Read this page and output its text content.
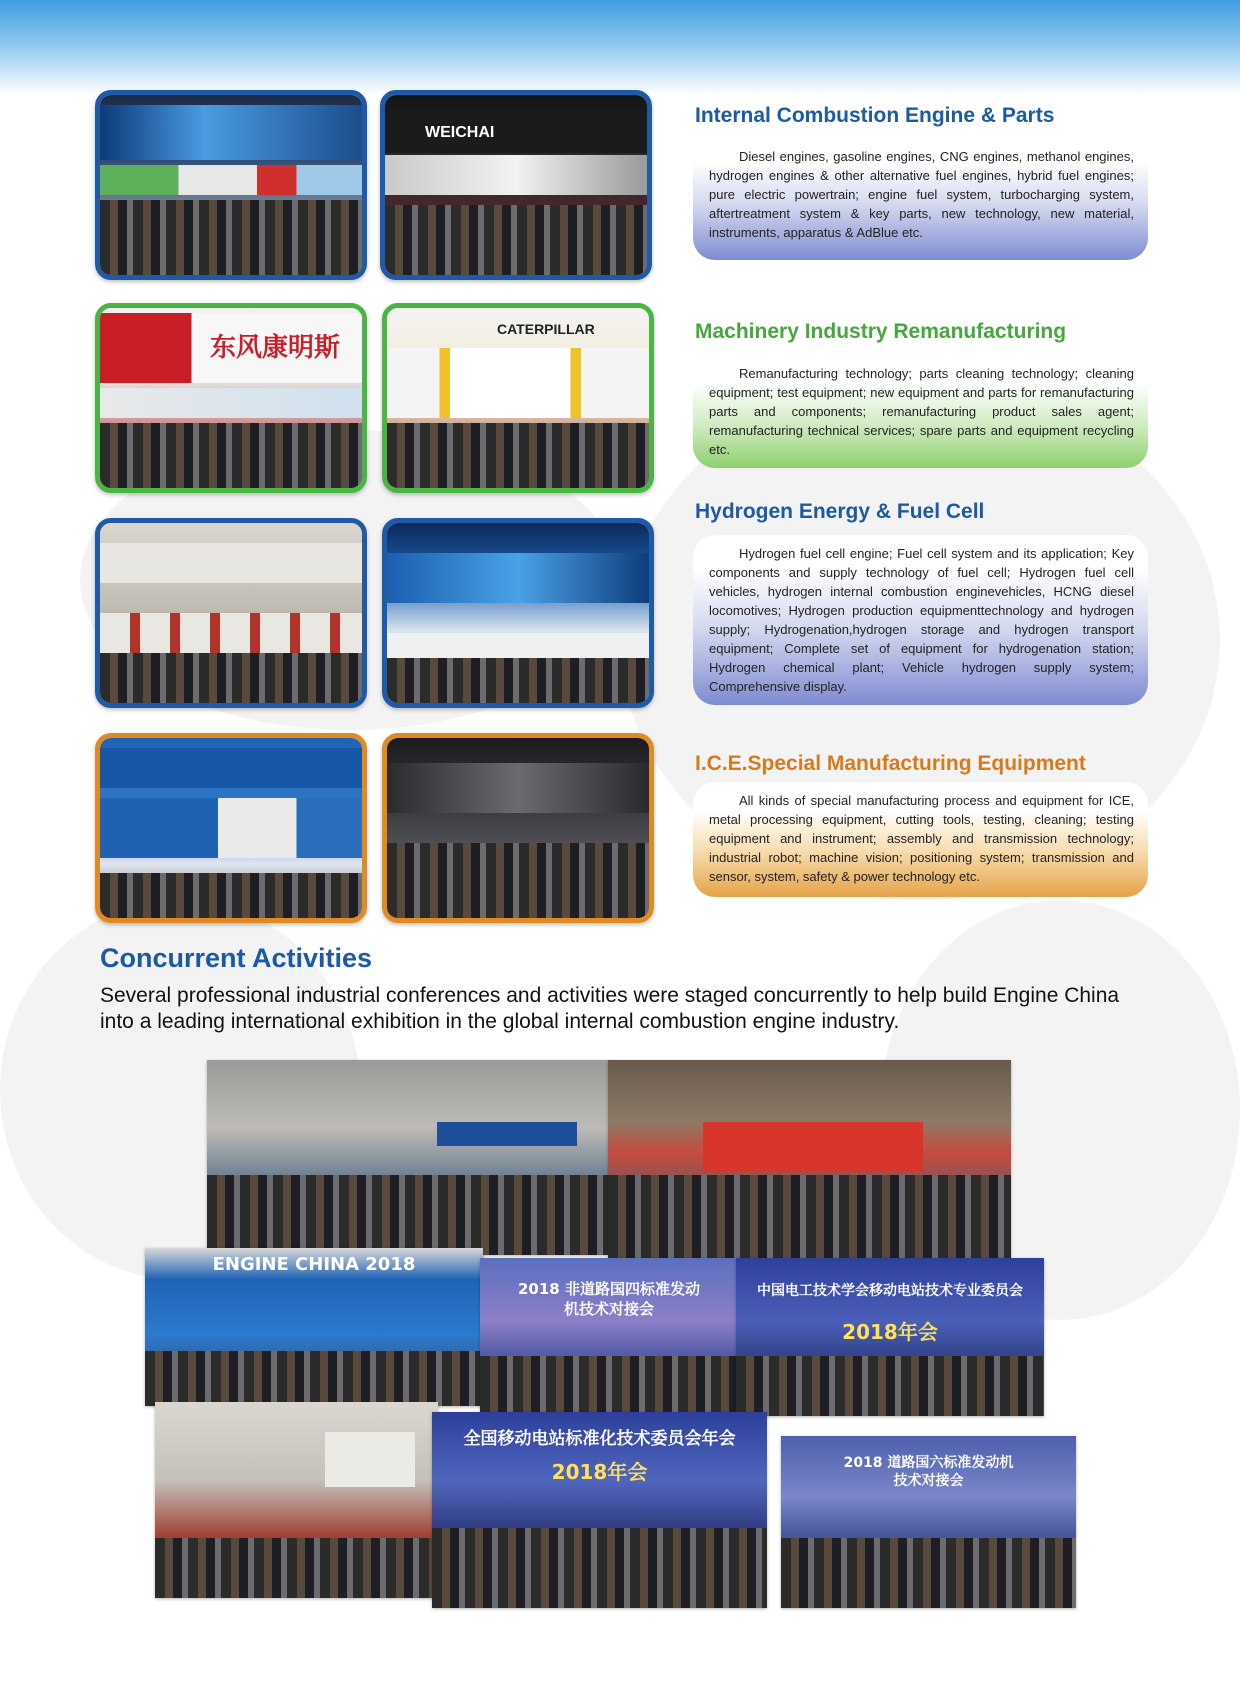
WEICHAI
东风康明斯
CATERPILLAR
Internal Combustion Engine & Parts

Diesel engines, gasoline engines, CNG engines, methanol engines, hydrogen engines & other alternative fuel engines, hybrid fuel engines; pure electric powertrain; engine fuel system, turbocharging system, aftertreatment system & key parts, new technology, new material, instruments, apparatus & AdBlue etc.

Machinery Industry Remanufacturing

Remanufacturing technology; parts cleaning technology; cleaning equipment; test equipment; new equipment and parts for remanufacturing parts and components; remanufacturing product sales agent; remanufacturing technical services; spare parts and equipment recycling etc.

Hydrogen Energy & Fuel Cell

Hydrogen fuel cell engine; Fuel cell system and its application; Key components and supply technology of fuel cell; Hydrogen fuel cell vehicles, hydrogen internal combustion enginevehicles, HCNG diesel locomotives; Hydrogen production equipmenttechnology and hydrogen supply; Hydrogenation,hydrogen storage and hydrogen transport equipment; Complete set of equipment for hydrogenation station; Hydrogen chemical plant; Vehicle hydrogen supply system; Comprehensive display.

I.C.E.Special Manufacturing Equipment

All kinds of special manufacturing process and equipment for ICE, metal processing equipment, cutting tools, testing, cleaning; testing equipment and instrument; assembly and transmission technology; industrial robot; machine vision; positioning system; transmission and sensor, system, safety & power technology etc.

Concurrent Activities

Several professional industrial conferences and activities were staged concurrently to help build Engine China into a leading international exhibition in the global internal combustion engine industry.

ENGINE CHINA 2018
2018 非道路国四标准发动
机技术对接会
中国电工技术学会移动电站技术专业委员会
2018年会
全国移动电站标准化技术委员会年会
2018年会	2018 道路国六标准发动机
技术对接会
